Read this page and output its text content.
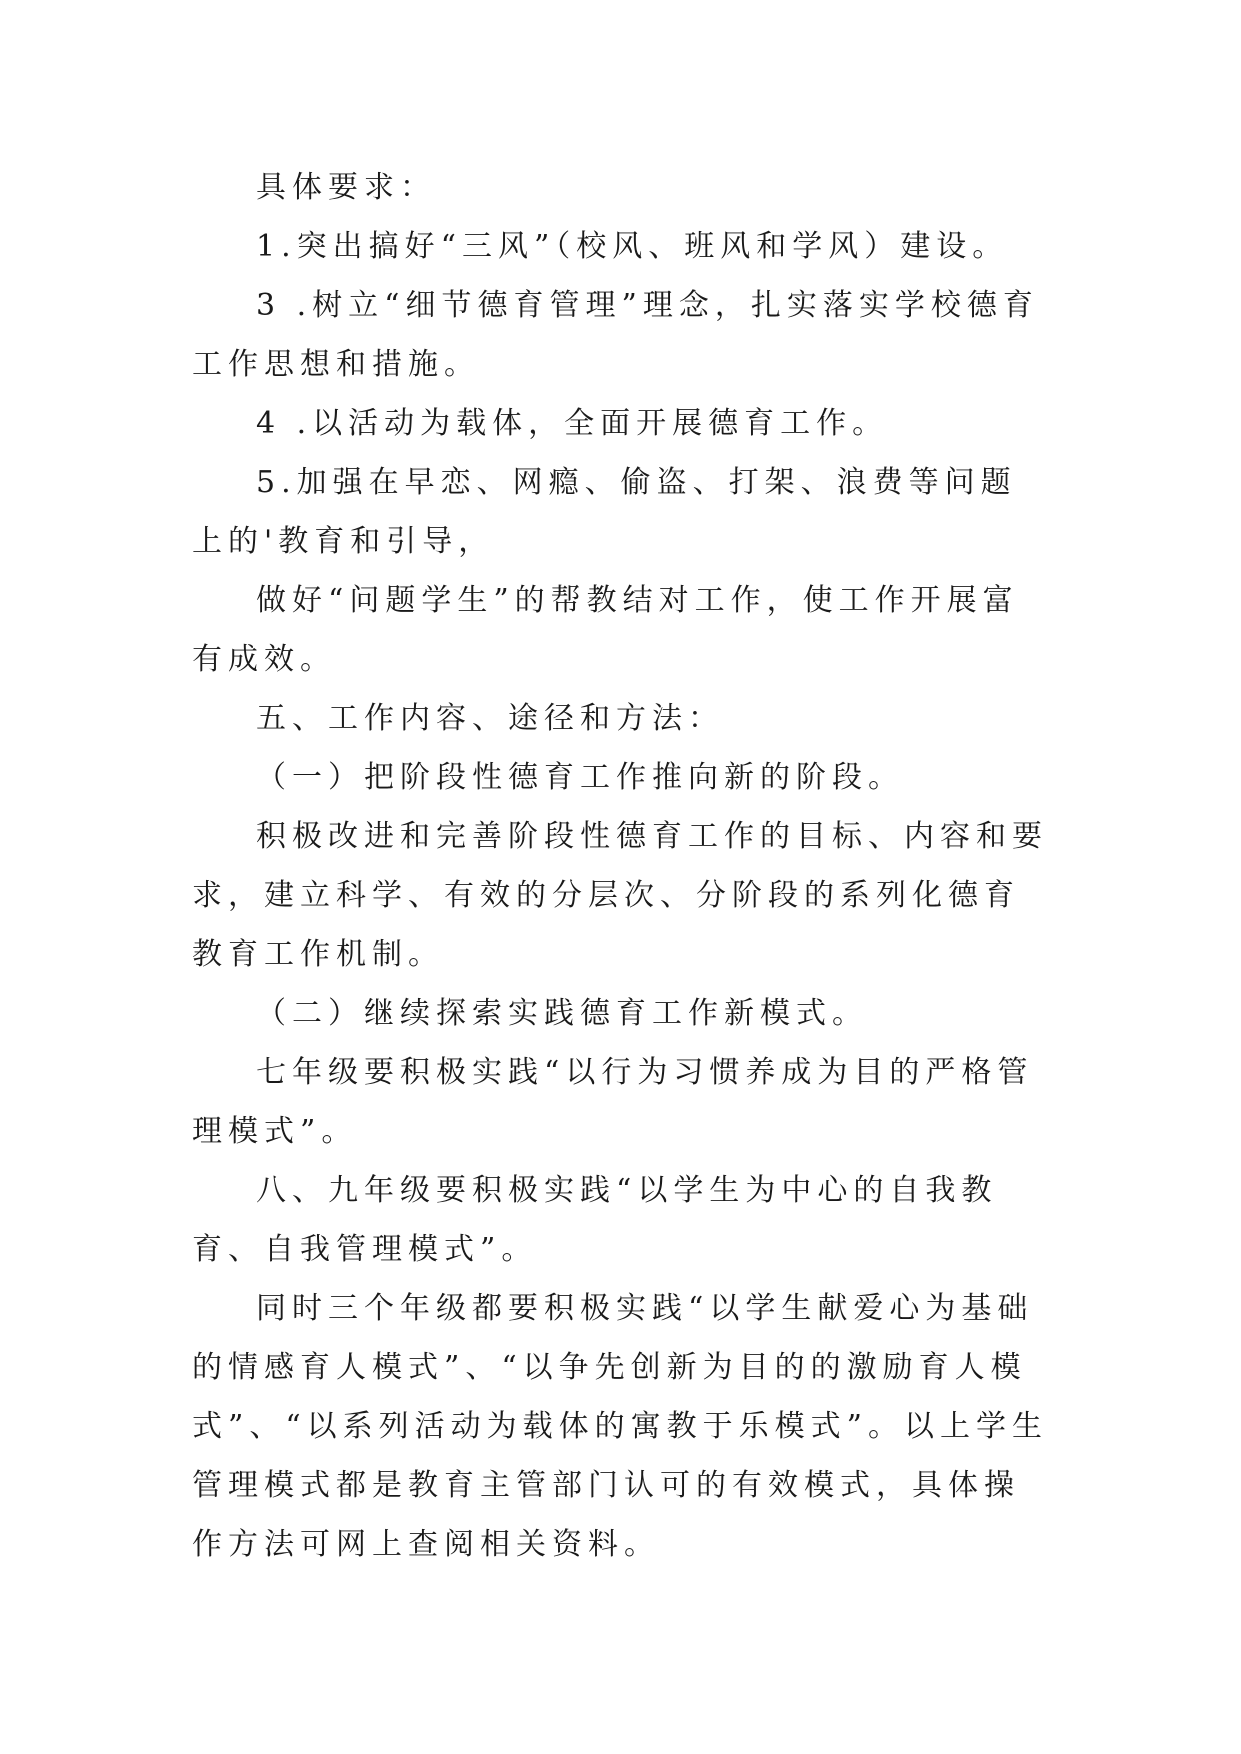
具体要求：

1.突出搞好“三风”（校风、班风和学风）建设。

3 .树立“细节德育管理”理念，扎实落实学校德育工作思想和措施。

4 .以活动为载体，全面开展德育工作。

5.加强在早恋、网瘾、偷盗、打架、浪费等问题上的'教育和引导，

做好“问题学生”的帮教结对工作，使工作开展富有成效。

五、工作内容、途径和方法：

（一）把阶段性德育工作推向新的阶段。

积极改进和完善阶段性德育工作的目标、内容和要求，建立科学、有效的分层次、分阶段的系列化德育教育工作机制。

（二）继续探索实践德育工作新模式。

七年级要积极实践“以行为习惯养成为目的严格管理模式”。

八、九年级要积极实践“以学生为中心的自我教育、自我管理模式”。

同时三个年级都要积极实践“以学生献爱心为基础的情感育人模式”、“以争先创新为目的的激励育人模式”、“以系列活动为载体的寓教于乐模式”。以上学生管理模式都是教育主管部门认可的有效模式，具体操作方法可网上查阅相关资料。
